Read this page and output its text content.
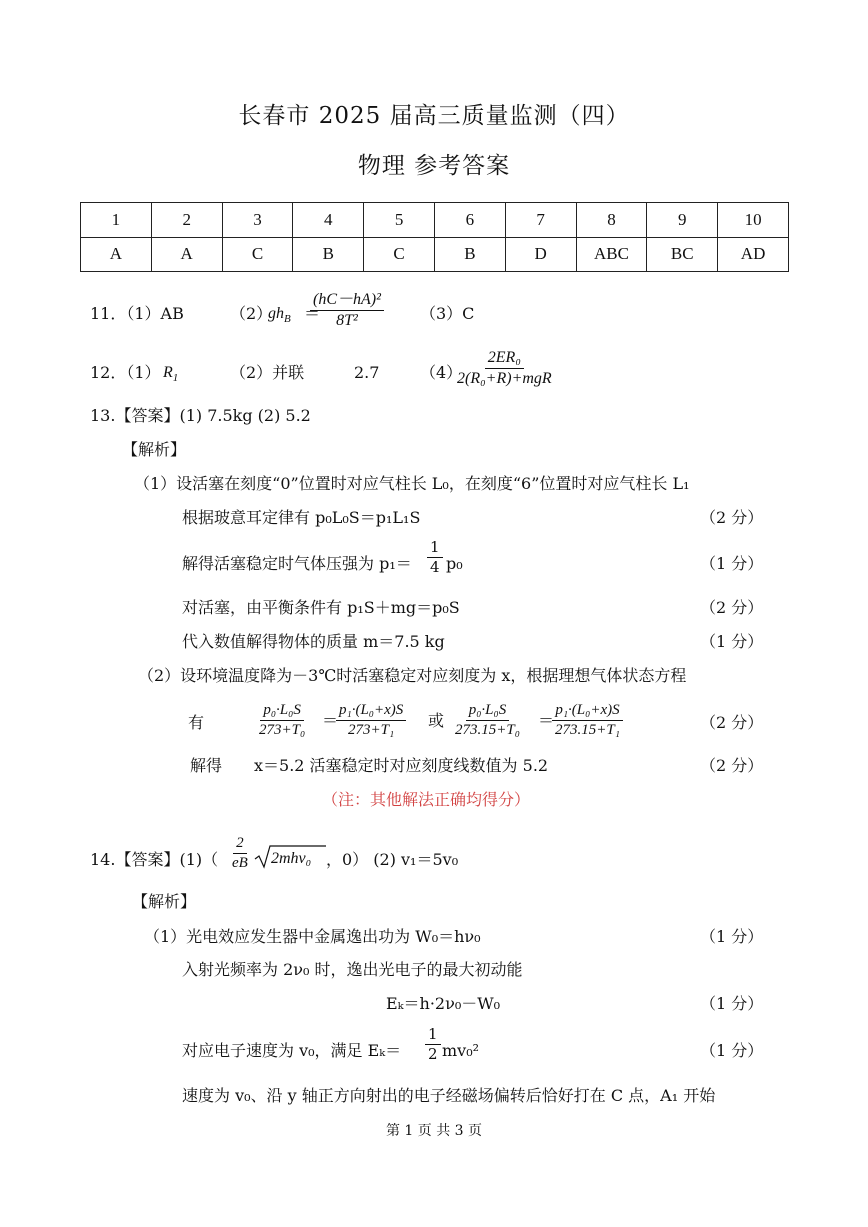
长春市 2025 届高三质量监测（四）
物理 参考答案
1	2	3	4	5	6	7	8	9	10
A	A	C	B	C	B	D	ABC	BC	AD
11．（1）AB	（2）
$gh_B$ ＝
$\frac{\text{(hC－hA)²}}{\text{8T²}} (3)C$
12．（1） $R_1$	（2）并联	2.7	（4）
2ER₀
2(R₀+R)+mgR
13.【答案】(1) 7.5kg (2) 5.2
【解析】
（1）设活塞在刻度“0”位置时对应气柱长 L₀，在刻度“6”位置时对应气柱长 L₁
根据玻意耳定律有 p₀L₀S＝p₁L₁S	（2 分）
解得活塞稳定时气体压强为 $p_1= \frac{1}{4} p_0$	（1 分）
对活塞，由平衡条件有 p₁S＋mg＝p₀S	（2 分）
代入数值解得物体的质量 m＝7.5 kg	（1 分）
（2）设环境温度降为－3℃时活塞稳定对应刻度为 x，根据理想气体状态方程
有	$\frac{\text{p₀·L₀S}}{\text{273+T₀}}$ ＝
$\frac{\text{p₁·(L₀+x)S}}{\text{273+T₁}}$ 或 $\frac{\text{p₀·L₀S}}{\text{273.15+T₀}}$ ＝
$\frac{\text{p₁·(L₀+x)S}}{\text{273.15+T₁}}$	（2 分）
解得 x＝5.2 活塞稳定时对应刻度线数值为 5.2	（2 分）
（注：其他解法正确均得分）
14.【答案】$(1)( \frac{2}{eB} 2mhv_0$ ，0） (2) v₁＝5v₀
【解析】
（1）光电效应发生器中金属逸出功为 W₀＝hν₀	（1 分）
入射光频率为 2ν₀ 时，逸出光电子的最大初动能
Eₖ＝h·2ν₀－W₀	（1 分）
对应电子速度为 v₀，满足 $E_k= \frac{1}{2} mv_0^2$	（1 分）
速度为 v₀、沿 y 轴正方向射出的电子经磁场偏转后恰好打在 C 点，A₁ 开始
第 1 页 共 3 页
